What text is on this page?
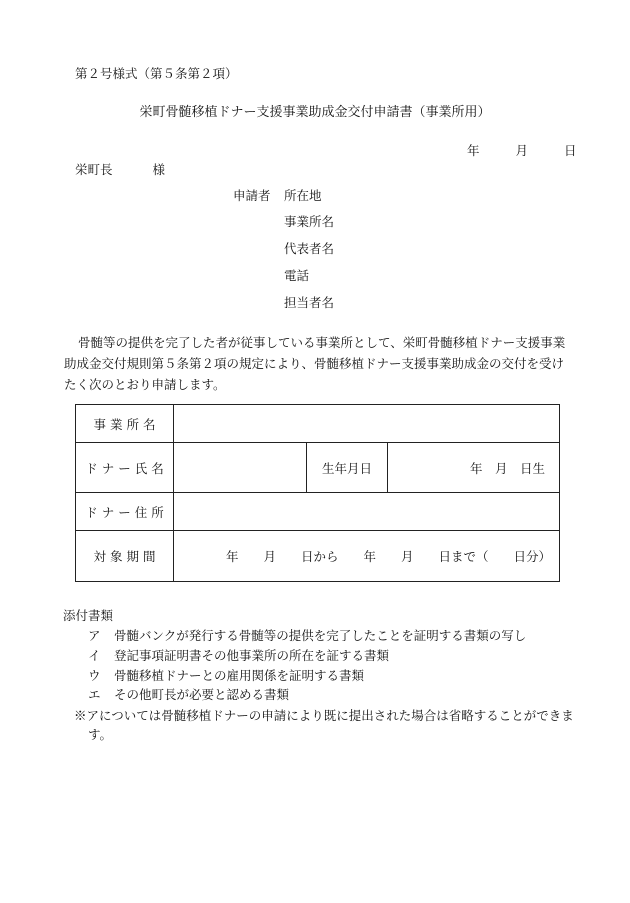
第２号様式（第５条第２項）
栄町骨髄移植ドナー支援事業助成金交付申請書（事業所用）
年	月	日
栄町長	様
申請者 所在地
事業所名
代表者名
電話
担当者名
骨髄等の提供を完了した者が従事している事業所として、栄町骨髄移植ドナー支援事業助成金交付規則第５条第２項の規定により、骨髄移植ドナー支援事業助成金の交付を受けたく次のとおり申請します。
事 業 所 名			
ド ナ ー 氏 名		生年月日	年　月　日生
ド ナ ー 住 所			
対 象 期 間	年　　月　　日から　　年　　月　　日まで（　　日分）		
添付書類
ア 骨髄バンクが発行する骨髄等の提供を完了したことを証明する書類の写し
イ 登記事項証明書その他事業所の所在を証する書類
ウ 骨髄移植ドナーとの雇用関係を証明する書類
エ その他町長が必要と認める書類
※アについては骨髄移植ドナーの申請により既に提出された場合は省略することができます。
